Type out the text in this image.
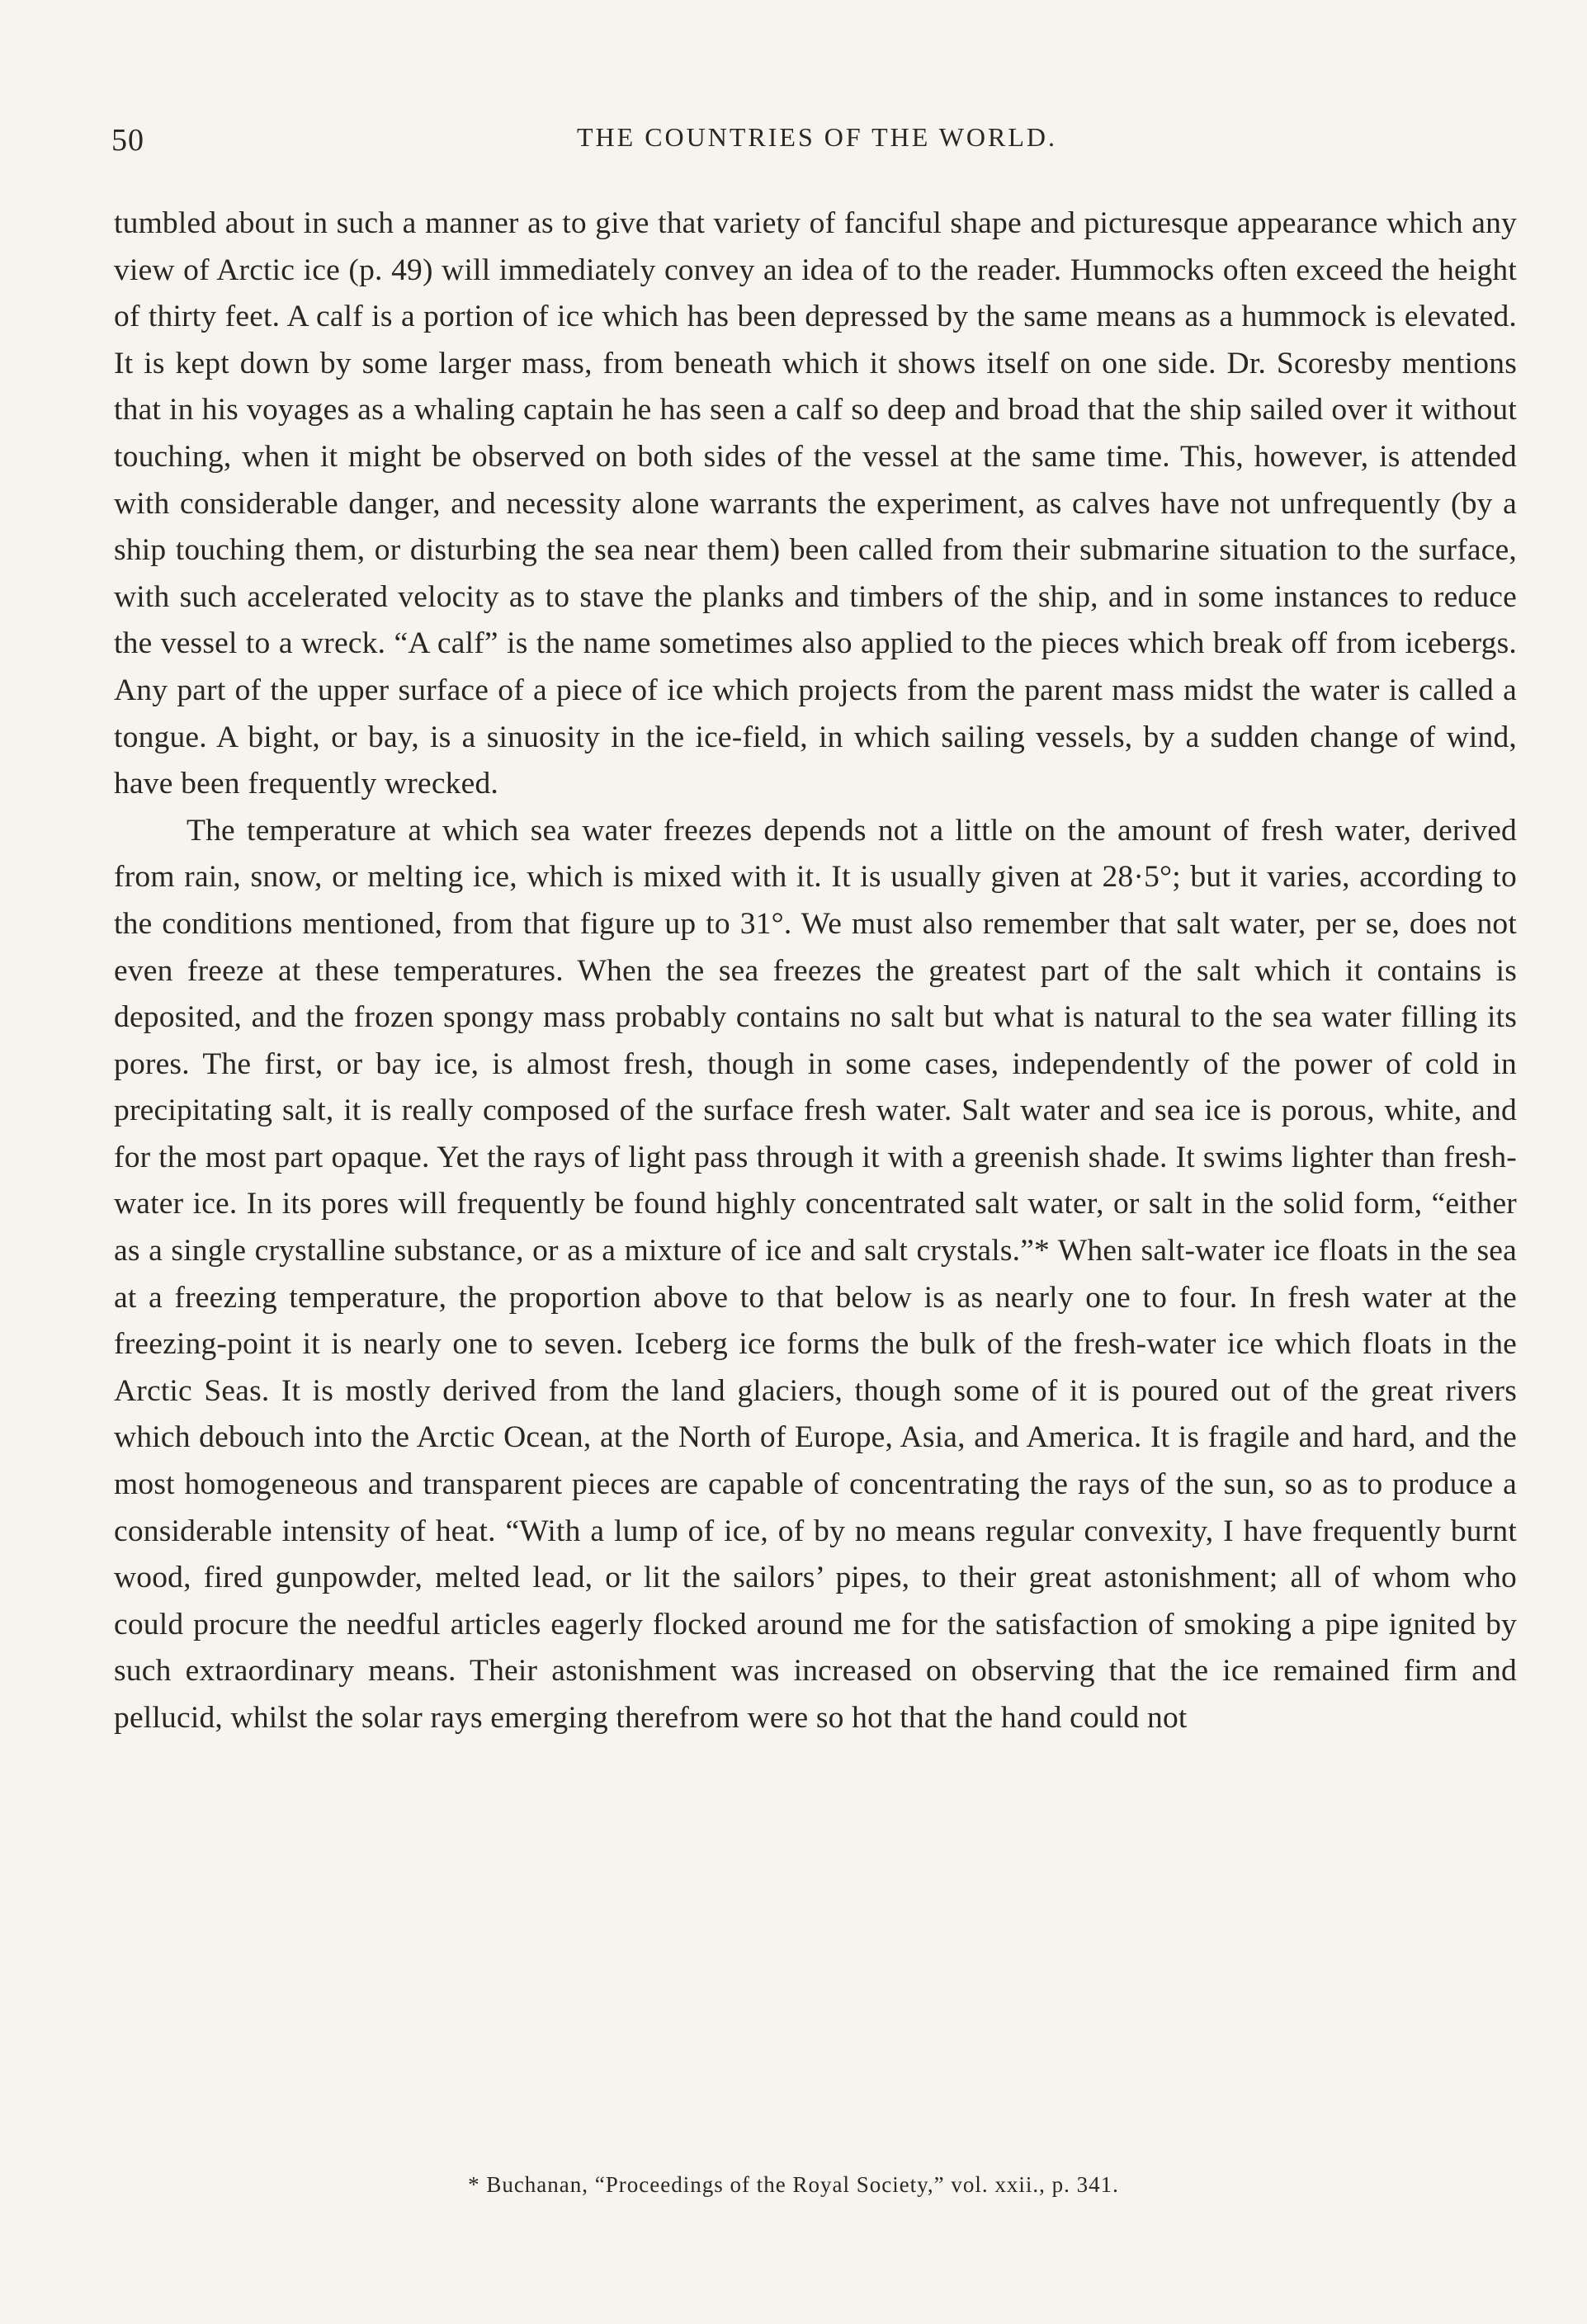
50	THE COUNTRIES OF THE WORLD.

tumbled about in such a manner as to give that variety of fanciful shape and picturesque appearance which any view of Arctic ice (p. 49) will immediately convey an idea of to the reader. Hummocks often exceed the height of thirty feet. A calf is a portion of ice which has been depressed by the same means as a hummock is elevated. It is kept down by some larger mass, from beneath which it shows itself on one side. Dr. Scoresby mentions that in his voyages as a whaling captain he has seen a calf so deep and broad that the ship sailed over it without touching, when it might be observed on both sides of the vessel at the same time. This, however, is attended with considerable danger, and necessity alone warrants the experiment, as calves have not unfrequently (by a ship touching them, or disturbing the sea near them) been called from their submarine situation to the surface, with such accelerated velocity as to stave the planks and timbers of the ship, and in some instances to reduce the vessel to a wreck. “A calf” is the name sometimes also applied to the pieces which break off from icebergs. Any part of the upper surface of a piece of ice which projects from the parent mass midst the water is called a tongue. A bight, or bay, is a sinuosity in the ice-field, in which sailing vessels, by a sudden change of wind, have been frequently wrecked.

The temperature at which sea water freezes depends not a little on the amount of fresh water, derived from rain, snow, or melting ice, which is mixed with it. It is usually given at 28·5°; but it varies, according to the conditions mentioned, from that figure up to 31°. We must also remember that salt water, per se, does not even freeze at these temperatures. When the sea freezes the greatest part of the salt which it contains is deposited, and the frozen spongy mass probably contains no salt but what is natural to the sea water filling its pores. The first, or bay ice, is almost fresh, though in some cases, independently of the power of cold in precipitating salt, it is really composed of the surface fresh water. Salt water and sea ice is porous, white, and for the most part opaque. Yet the rays of light pass through it with a greenish shade. It swims lighter than fresh-water ice. In its pores will frequently be found highly concentrated salt water, or salt in the solid form, “either as a single crystalline substance, or as a mixture of ice and salt crystals.”* When salt-water ice floats in the sea at a freezing temperature, the proportion above to that below is as nearly one to four. In fresh water at the freezing-point it is nearly one to seven. Iceberg ice forms the bulk of the fresh-water ice which floats in the Arctic Seas. It is mostly derived from the land glaciers, though some of it is poured out of the great rivers which debouch into the Arctic Ocean, at the North of Europe, Asia, and America. It is fragile and hard, and the most homogeneous and transparent pieces are capable of concentrating the rays of the sun, so as to produce a considerable intensity of heat. “With a lump of ice, of by no means regular convexity, I have frequently burnt wood, fired gunpowder, melted lead, or lit the sailors’ pipes, to their great astonishment; all of whom who could procure the needful articles eagerly flocked around me for the satisfaction of smoking a pipe ignited by such extraordinary means. Their astonishment was increased on observing that the ice remained firm and pellucid, whilst the solar rays emerging therefrom were so hot that the hand could not

* Buchanan, “Proceedings of the Royal Society,” vol. xxii., p. 341.
